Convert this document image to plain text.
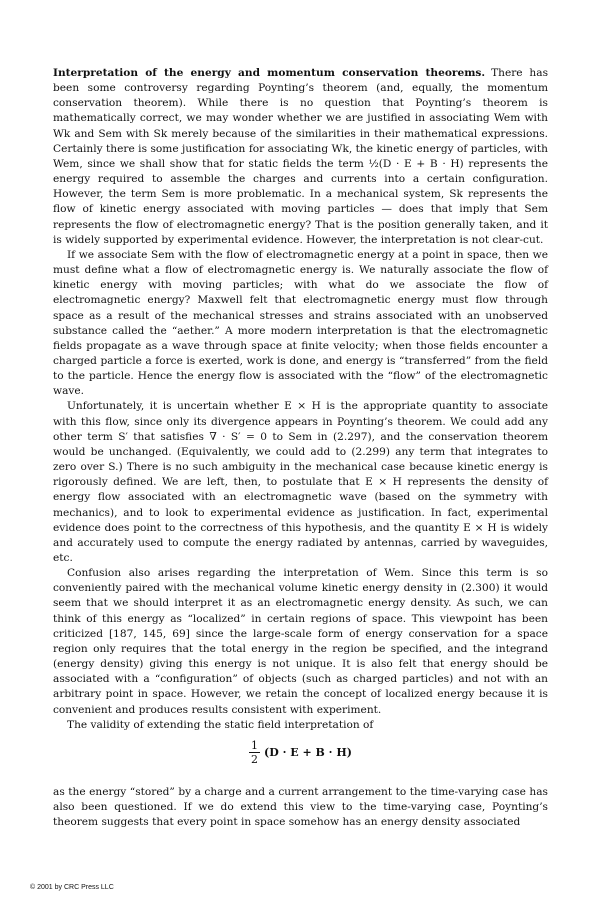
Interpretation of the energy and momentum conservation theorems. There has been some controversy regarding Poynting’s theorem (and, equally, the momentum conservation theorem). While there is no question that Poynting’s theorem is mathematically correct, we may wonder whether we are justified in associating Wem with Wk and Sem with Sk merely because of the similarities in their mathematical expressions. Certainly there is some justification for associating Wk, the kinetic energy of particles, with Wem, since we shall show that for static fields the term ½(D · E + B · H) represents the energy required to assemble the charges and currents into a certain configuration. However, the term Sem is more problematic. In a mechanical system, Sk represents the flow of kinetic energy associated with moving particles — does that imply that Sem represents the flow of electromagnetic energy? That is the position generally taken, and it is widely supported by experimental evidence. However, the interpretation is not clear-cut.

If we associate Sem with the flow of electromagnetic energy at a point in space, then we must define what a flow of electromagnetic energy is. We naturally associate the flow of kinetic energy with moving particles; with what do we associate the flow of electromagnetic energy? Maxwell felt that electromagnetic energy must flow through space as a result of the mechanical stresses and strains associated with an unobserved substance called the “aether.” A more modern interpretation is that the electromagnetic fields propagate as a wave through space at finite velocity; when those fields encounter a charged particle a force is exerted, work is done, and energy is “transferred” from the field to the particle. Hence the energy flow is associated with the “flow” of the electromagnetic wave.

Unfortunately, it is uncertain whether E × H is the appropriate quantity to associate with this flow, since only its divergence appears in Poynting’s theorem. We could add any other term S′ that satisfies ∇ · S′ = 0 to Sem in (2.297), and the conservation theorem would be unchanged. (Equivalently, we could add to (2.299) any term that integrates to zero over S.) There is no such ambiguity in the mechanical case because kinetic energy is rigorously defined. We are left, then, to postulate that E × H represents the density of energy flow associated with an electromagnetic wave (based on the symmetry with mechanics), and to look to experimental evidence as justification. In fact, experimental evidence does point to the correctness of this hypothesis, and the quantity E × H is widely and accurately used to compute the energy radiated by antennas, carried by waveguides, etc.

Confusion also arises regarding the interpretation of Wem. Since this term is so conveniently paired with the mechanical volume kinetic energy density in (2.300) it would seem that we should interpret it as an electromagnetic energy density. As such, we can think of this energy as “localized” in certain regions of space. This viewpoint has been criticized [187, 145, 69] since the large-scale form of energy conservation for a space region only requires that the total energy in the region be specified, and the integrand (energy density) giving this energy is not unique. It is also felt that energy should be associated with a “configuration” of objects (such as charged particles) and not with an arbitrary point in space. However, we retain the concept of localized energy because it is convenient and produces results consistent with experiment.

The validity of extending the static field interpretation of

$\frac{1}{2} (D \cdot E + B \cdot H)$

as the energy “stored” by a charge and a current arrangement to the time-varying case has also been questioned. If we do extend this view to the time-varying case, Poynting’s theorem suggests that every point in space somehow has an energy density associated

© 2001 by CRC Press LLC
